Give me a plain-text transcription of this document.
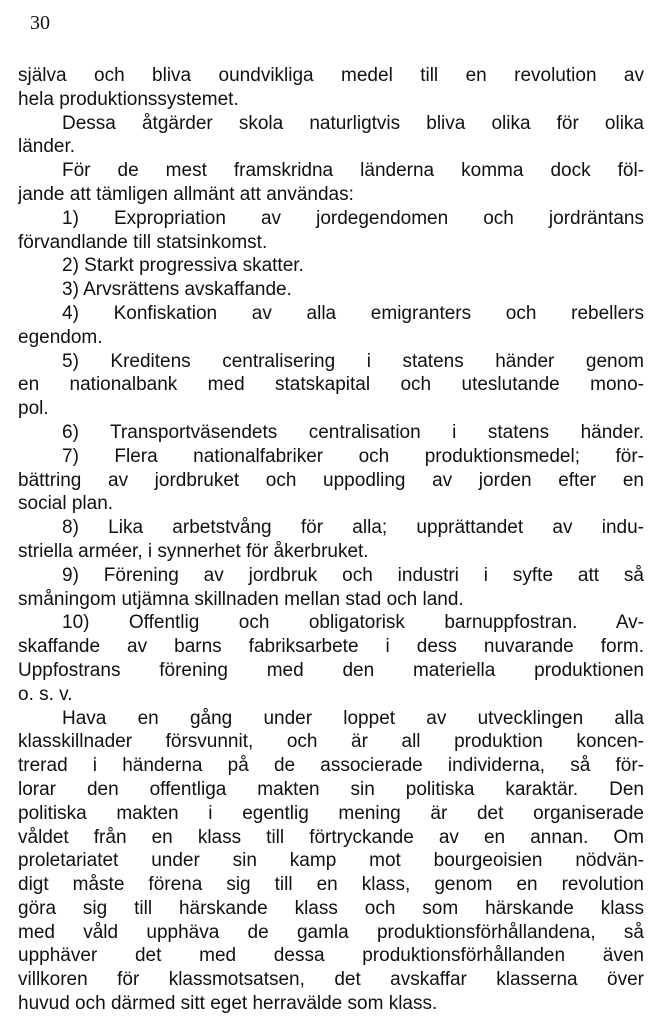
30
själva och bliva oundvikliga medel till en revolution av
hela produktionssystemet.
Dessa åtgärder skola naturligtvis bliva olika för olika
länder.
För de mest framskridna länderna komma dock föl-
jande att tämligen allmänt att användas:
1) Expropriation av jordegendomen och jordräntans
förvandlande till statsinkomst.
2) Starkt progressiva skatter.
3) Arvsrättens avskaffande.
4) Konfiskation av alla emigranters och rebellers
egendom.
5) Kreditens centralisering i statens händer genom
en nationalbank med statskapital och uteslutande mono-
pol.
6) Transportväsendets centralisation i statens händer.
7) Flera nationalfabriker och produktionsmedel; för-
bättring av jordbruket och uppodling av jorden efter en
social plan.
8) Lika arbetstvång för alla; upprättandet av indu-
striella arméer, i synnerhet för åkerbruket.
9) Förening av jordbruk och industri i syfte att så
småningom utjämna skillnaden mellan stad och land.
10) Offentlig och obligatorisk barnuppfostran. Av-
skaffande av barns fabriksarbete i dess nuvarande form.
Uppfostrans förening med den materiella produktionen
o. s. v.
Hava en gång under loppet av utvecklingen alla
klasskillnader försvunnit, och är all produktion koncen-
trerad i händerna på de associerade individerna, så för-
lorar den offentliga makten sin politiska karaktär. Den
politiska makten i egentlig mening är det organiserade
våldet från en klass till förtryckande av en annan. Om
proletariatet under sin kamp mot bourgeoisien nödvän-
digt måste förena sig till en klass, genom en revolution
göra sig till härskande klass och som härskande klass
med våld upphäva de gamla produktionsförhållandena, så
upphäver det med dessa produktionsförhållanden även
villkoren för klassmotsatsen, det avskaffar klasserna över
huvud och därmed sitt eget herravälde som klass.
